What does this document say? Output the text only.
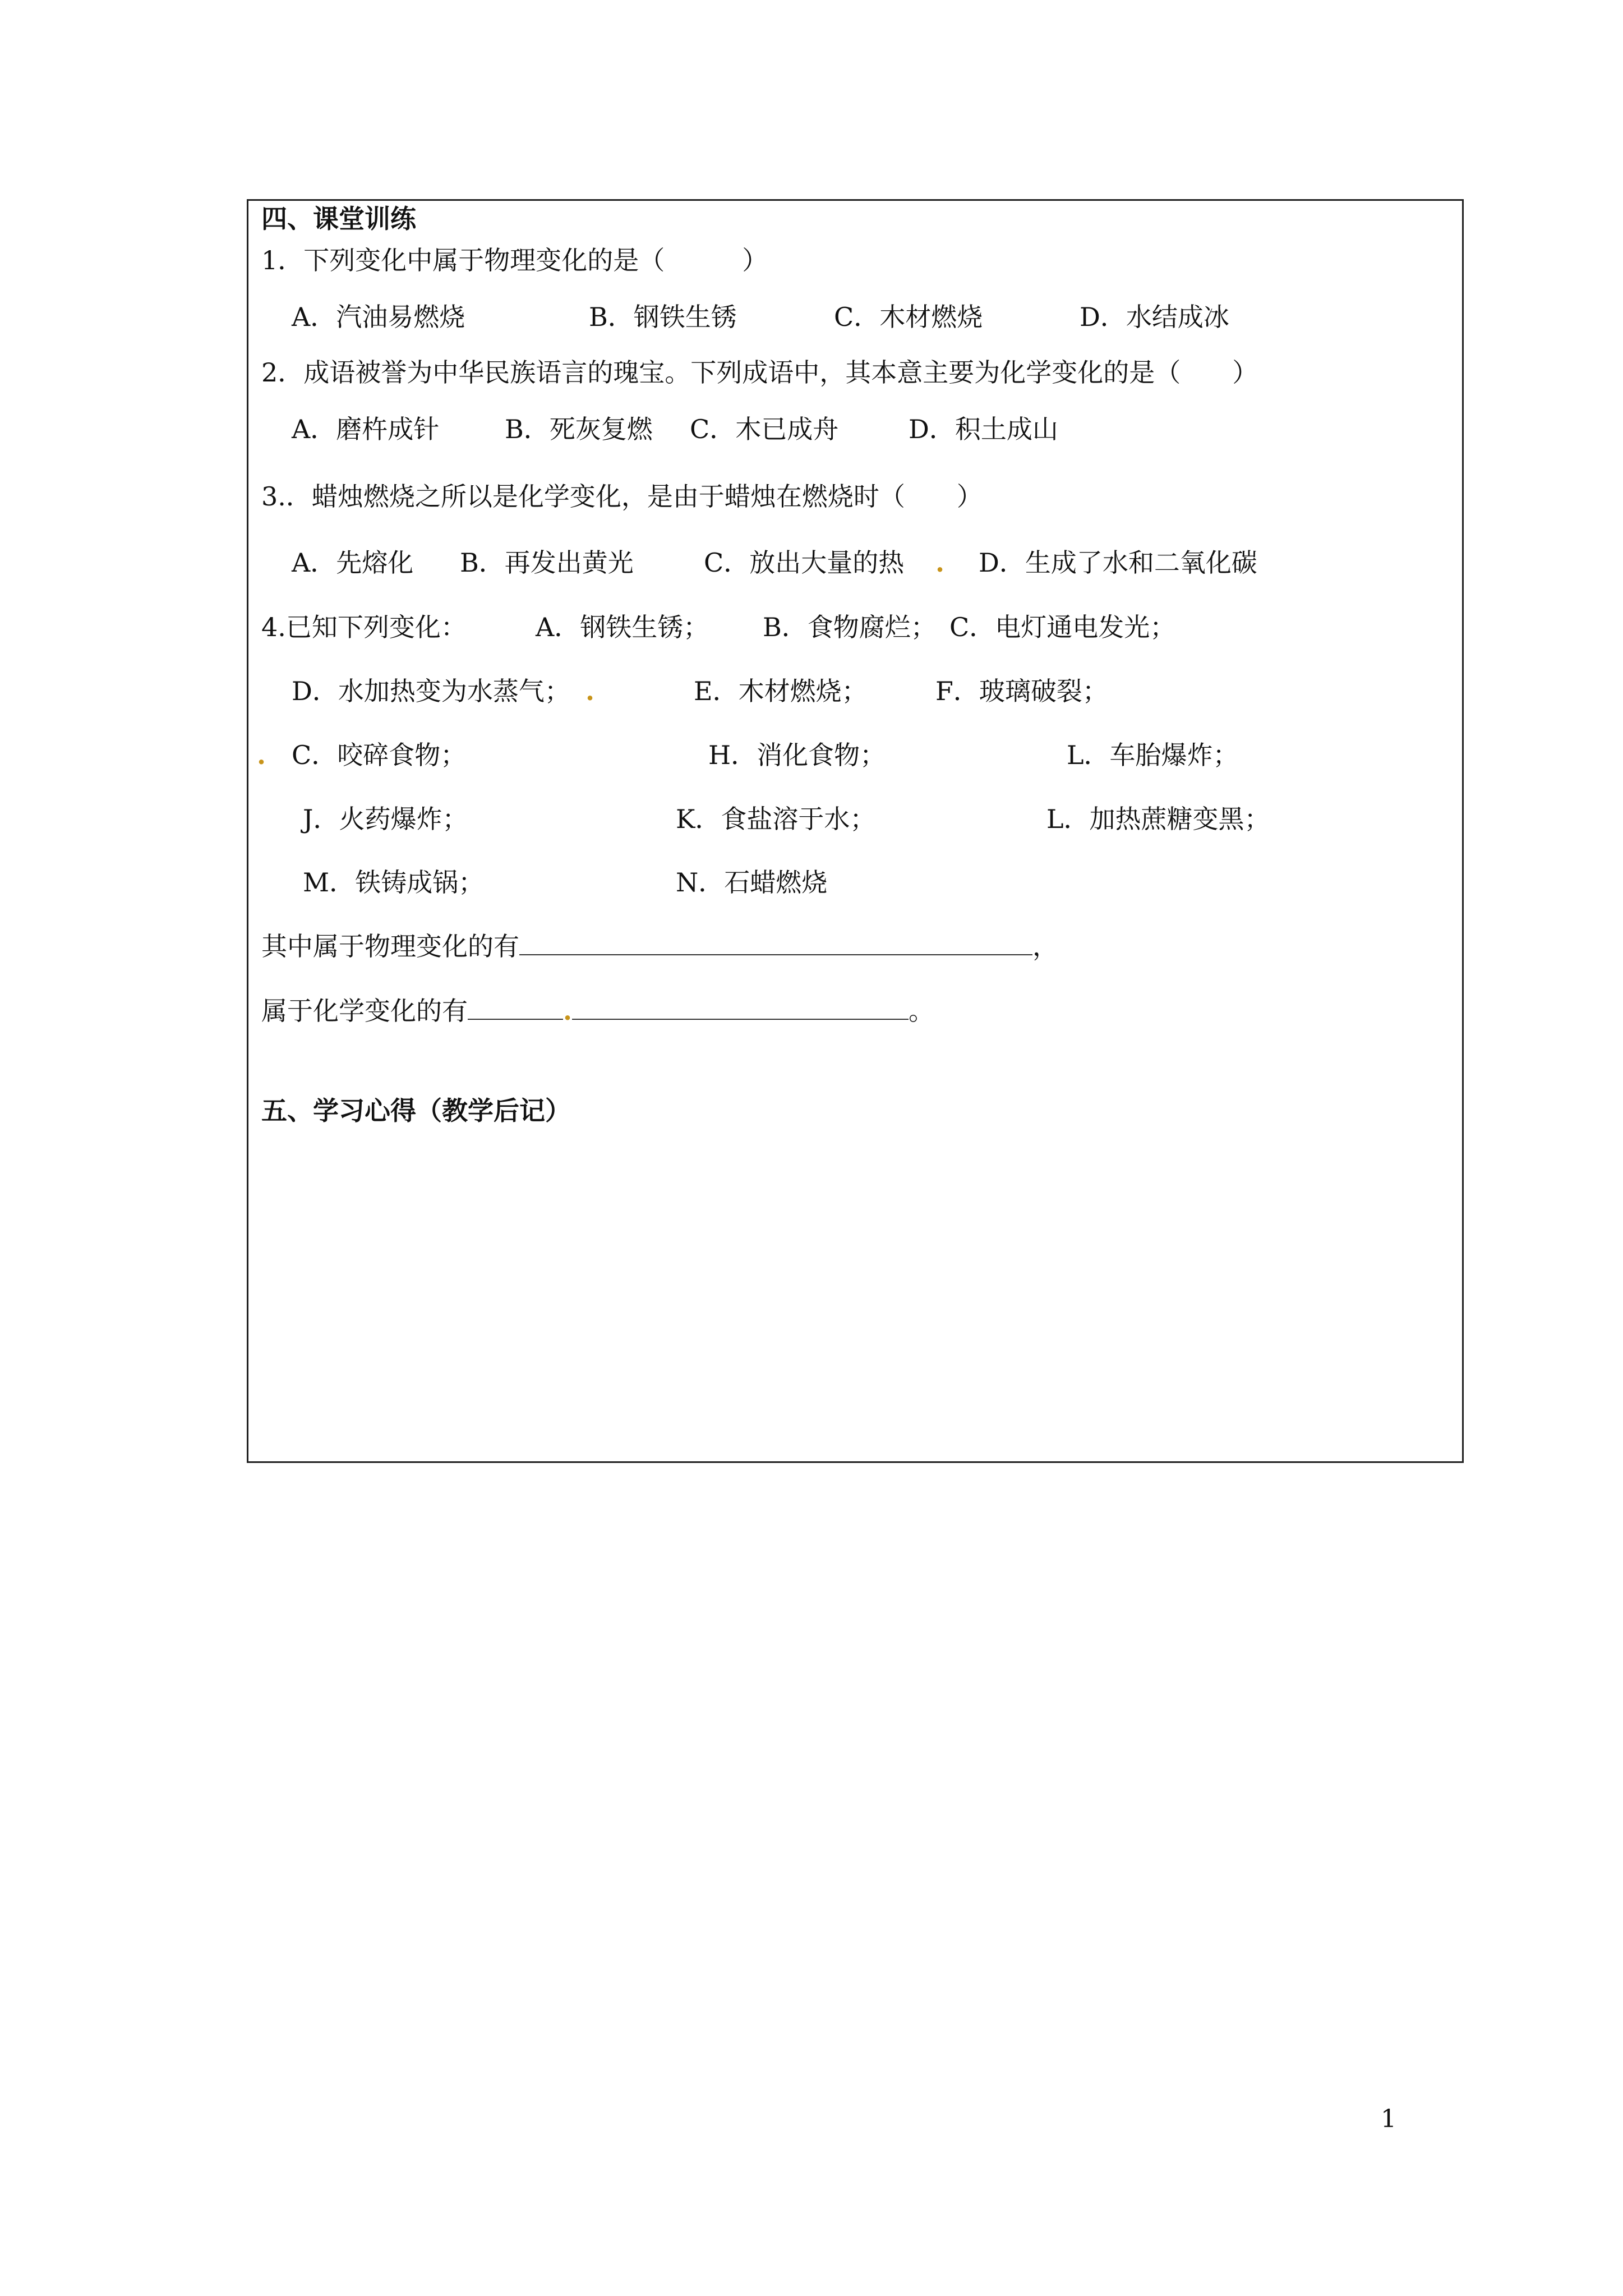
四、课堂训练
1．下列变化中属于物理变化的是（　　　）
A．汽油易燃烧	B．钢铁生锈	C．木材燃烧	D．水结成冰
2．成语被誉为中华民族语言的瑰宝。下列成语中，其本意主要为化学变化的是（　　）
A．磨杵成针	B．死灰复燃 C．木已成舟	D．积土成山
3.．蜡烛燃烧之所以是化学变化，是由于蜡烛在燃烧时（　　）
A．先熔化 B．再发出黄光	C．放出大量的热 . D．生成了水和二氧化碳
4.已知下列变化：	A．钢铁生锈； B．食物腐烂； C．电灯通电发光；
D．水加热变为水蒸气； .	E．木材燃烧；	F．玻璃破裂；
. C．咬碎食物；	H．消化食物；	L．车胎爆炸；
J．火药爆炸；	K．食盐溶于水；	L．加热蔗糖变黑；
M．铁铸成锅；	N．石蜡燃烧
其中属于物理变化的有	，
属于化学变化的有	.	。
五、学习心得（教学后记）
1
